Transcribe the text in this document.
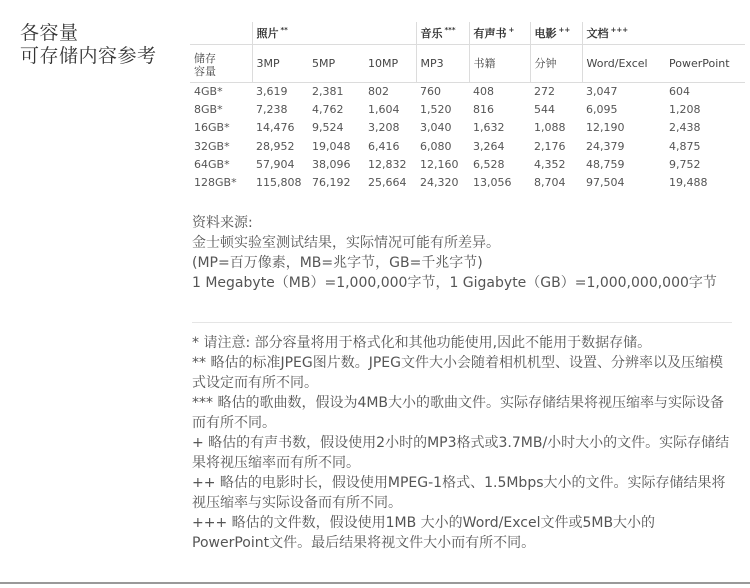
各容量
可存储内容参考
	照片 **			音乐 ***	有声书 +	电影 ++	文档 +++
储存
容量	3MP	5MP	10MP	MP3	书籍	分钟	Word/Excel	PowerPoint
4GB*	3,619	2,381	802	760	408	272	3,047	604
8GB*	7,238	4,762	1,604	1,520	816	544	6,095	1,208
16GB*	14,476	9,524	3,208	3,040	1,632	1,088	12,190	2,438
32GB*	28,952	19,048	6,416	6,080	3,264	2,176	24,379	4,875
64GB*	57,904	38,096	12,832	12,160	6,528	4,352	48,759	9,752
128GB*	115,808	76,192	25,664	24,320	13,056	8,704	97,504	19,488
资料来源:
金士顿实验室测试结果，实际情况可能有所差异。
(MP=百万像素，MB=兆字节，GB=千兆字节)
1 Megabyte（MB）=1,000,000字节，1 Gigabyte（GB）=1,000,000,000字节

* 请注意: 部分容量将用于格式化和其他功能使用,因此不能用于数据存储。

** 略估的标准JPEG图片数。JPEG文件大小会随着相机机型、设置、分辨率以及压缩模式设定而有所不同。

*** 略估的歌曲数，假设为4MB大小的歌曲文件。实际存储结果将视压缩率与实际设备而有所不同。

+ 略估的有声书数，假设使用2小时的MP3格式或3.7MB/小时大小的文件。实际存储结果将视压缩率而有所不同。

++ 略估的电影时长，假设使用MPEG-1格式、1.5Mbps大小的文件。实际存储结果将视压缩率与实际设备而有所不同。

+++ 略估的文件数，假设使用1MB 大小的Word/Excel文件或5MB大小的PowerPoint文件。最后结果将视文件大小而有所不同。
